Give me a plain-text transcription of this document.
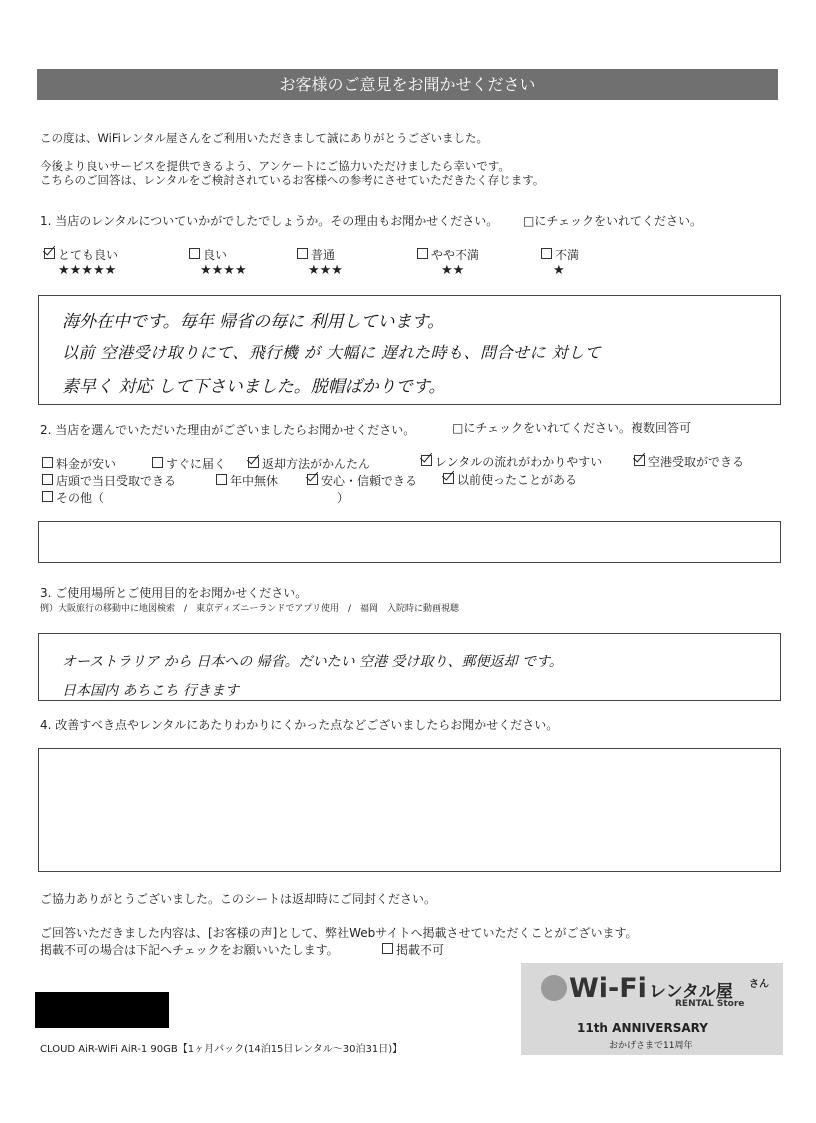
お客様のご意見をお聞かせください
この度は、WiFiレンタル屋さんをご利用いただきまして誠にありがとうございました。
今後より良いサービスを提供できるよう、アンケートにご協力いただけましたら幸いです。
こちらのご回答は、レンタルをご検討されているお客様への参考にさせていただきたく存じます。
1. 当店のレンタルについていかがでしたでしょうか。その理由もお聞かせください。 □にチェックをいれてください。
とても良い
★★★★★
良い
★★★★
普通
★★★
やや不満
★★
不満
★
海外在中です。毎年 帰省の毎に 利用しています。
以前 空港受け取りにて、飛行機 が 大幅に 遅れた時も、問合せに 対して
素早く 対応 して下さいました。脱帽ばかりです。
2. 当店を選んでいただいた理由がございましたらお聞かせください。	□にチェックをいれてください。複数回答可
料金が安い	すぐに届く	返却方法がかんたん	レンタルの流れがわかりやすい	空港受取ができる
店頭で当日受取できる	年中無休	安心・信頼できる	以前使ったことがある
その他（	）
3. ご使用場所とご使用目的をお聞かせください。
例）大阪旅行の移動中に地図検索　/　東京ディズニーランドでアプリ使用　/　福岡　入院時に動画視聴
オーストラリア から 日本への 帰省。だいたい 空港 受け取り、郵便返却 です。
日本国内 あちこち 行きます
4. 改善すべき点やレンタルにあたりわかりにくかった点などございましたらお聞かせください。
ご協力ありがとうございました。このシートは返却時にご同封ください。
ご回答いただきました内容は、[お客様の声]として、弊社Webサイトへ掲載させていただくことがございます。
掲載不可の場合は下記へチェックをお願いいたします。	掲載不可
CLOUD AiR-WiFi AiR-1 90GB【1ヶ月パック(14泊15日レンタル～30泊31日)】
Wi-Fi レンタル屋 さん
RENTAL Store
11th ANNIVERSARY
おかげさまで11周年
